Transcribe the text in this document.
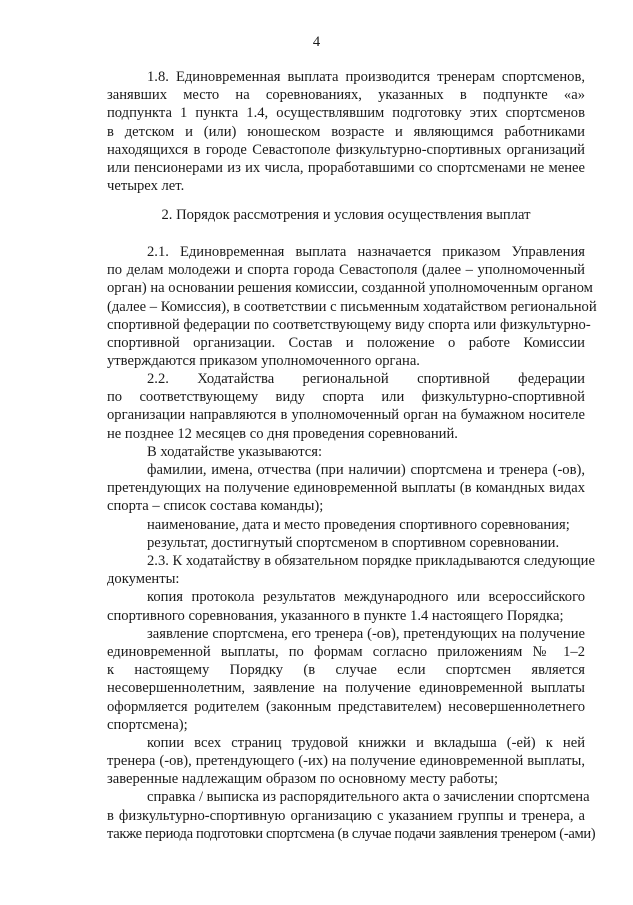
4
1.8. Единовременная выплата производится тренерам спортсменов,
занявших место на соревнованиях, указанных в подпункте «а»
подпункта 1 пункта 1.4, осуществлявшим подготовку этих спортсменов
в детском и (или) юношеском возрасте и являющимся работниками
находящихся в городе Севастополе физкультурно-спортивных организаций
или пенсионерами из их числа, проработавшими со спортсменами не менее
четырех лет.
2. Порядок рассмотрения и условия осуществления выплат
2.1. Единовременная выплата назначается приказом Управления
по делам молодежи и спорта города Севастополя (далее – уполномоченный
орган) на основании решения комиссии, созданной уполномоченным органом
(далее – Комиссия), в соответствии с письменным ходатайством региональной
спортивной федерации по соответствующему виду спорта или физкультурно-
спортивной организации. Состав и положение о работе Комиссии
утверждаются приказом уполномоченного органа.
2.2. Ходатайства региональной спортивной федерации
по соответствующему виду спорта или физкультурно-спортивной
организации направляются в уполномоченный орган на бумажном носителе
не позднее 12 месяцев со дня проведения соревнований.
В ходатайстве указываются:
фамилии, имена, отчества (при наличии) спортсмена и тренера (-ов),
претендующих на получение единовременной выплаты (в командных видах
спорта – список состава команды);
наименование, дата и место проведения спортивного соревнования;
результат, достигнутый спортсменом в спортивном соревновании.
2.3. К ходатайству в обязательном порядке прикладываются следующие
документы:
копия протокола результатов международного или всероссийского
спортивного соревнования, указанного в пункте 1.4 настоящего Порядка;
заявление спортсмена, его тренера (-ов), претендующих на получение
единовременной выплаты, по формам согласно приложениям № 1–2
к настоящему Порядку (в случае если спортсмен является
несовершеннолетним, заявление на получение единовременной выплаты
оформляется родителем (законным представителем) несовершеннолетнего
спортсмена);
копии всех страниц трудовой книжки и вкладыша (-ей) к ней
тренера (-ов), претендующего (-их) на получение единовременной выплаты,
заверенные надлежащим образом по основному месту работы;
справка / выписка из распорядительного акта о зачислении спортсмена
в физкультурно-спортивную организацию с указанием группы и тренера, а
также периода подготовки спортсмена (в случае подачи заявления тренером (-ами)
